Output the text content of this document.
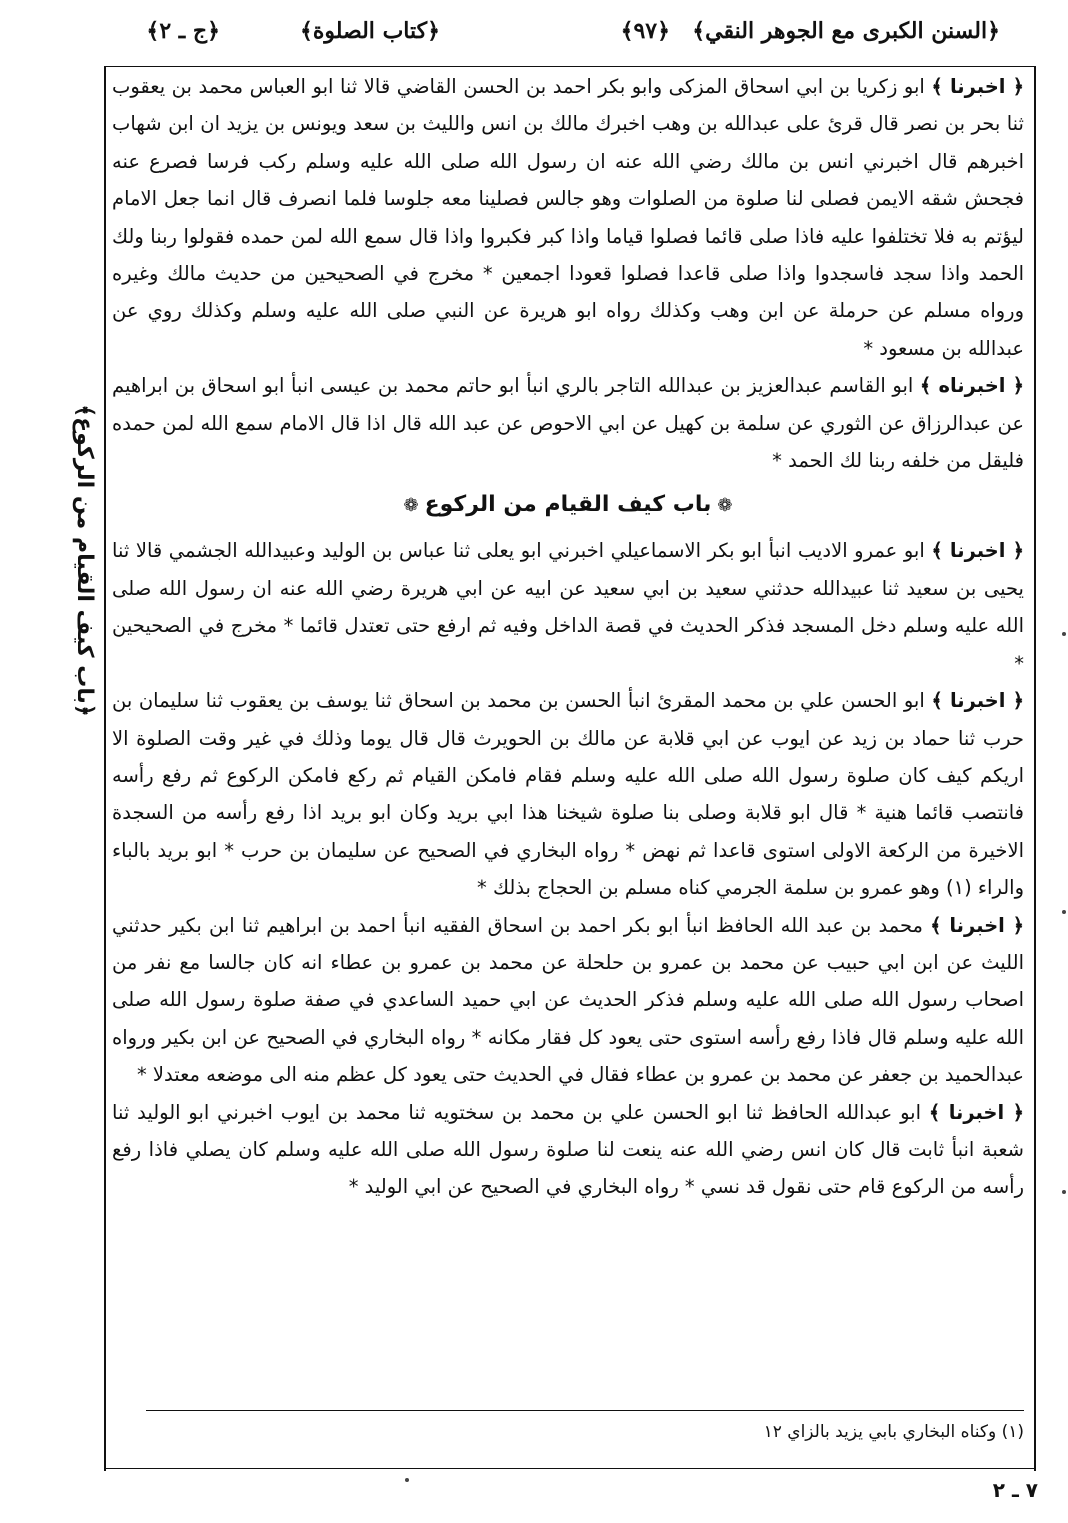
﴿السنن الكبرى مع الجوهر النقي﴾
﴿٩٧﴾
﴿كتاب الصلوة﴾
﴿ج ـ ٢﴾
﴿باب كيف القيام من الركوع﴾

﴿ اخبرنا ﴾ ابو زكريا بن ابي اسحاق المزكى وابو بكر احمد بن الحسن القاضي قالا ثنا ابو العباس محمد بن يعقوب ثنا بحر بن نصر قال قرئ على عبدالله بن وهب اخبرك مالك بن انس والليث بن سعد ويونس بن يزيد ان ابن شهاب اخبرهم قال اخبرني انس بن مالك رضي الله عنه ان رسول الله صلى الله عليه وسلم ركب فرسا فصرع عنه فجحش شقه الايمن فصلى لنا صلوة من الصلوات وهو جالس فصلينا معه جلوسا فلما انصرف قال انما جعل الامام ليؤتم به فلا تختلفوا عليه فاذا صلى قائما فصلوا قياما واذا كبر فكبروا واذا قال سمع الله لمن حمده فقولوا ربنا ولك الحمد واذا سجد فاسجدوا واذا صلى قاعدا فصلوا قعودا اجمعين * مخرج في الصحيحين من حديث مالك وغيره ورواه مسلم عن حرملة عن ابن وهب وكذلك رواه ابو هريرة عن النبي صلى الله عليه وسلم وكذلك روي عن عبدالله بن مسعود *

﴿ اخبرناه ﴾ ابو القاسم عبدالعزيز بن عبدالله التاجر بالري انبأ ابو حاتم محمد بن عيسى انبأ ابو اسحاق بن ابراهيم عن عبدالرزاق عن الثوري عن سلمة بن كهيل عن ابي الاحوص عن عبد الله قال اذا قال الامام سمع الله لمن حمده فليقل من خلفه ربنا لك الحمد *

❁باب كيف القيام من الركوع❁

﴿ اخبرنا ﴾ ابو عمرو الاديب انبأ ابو بكر الاسماعيلي اخبرني ابو يعلى ثنا عباس بن الوليد وعبيدالله الجشمي قالا ثنا يحيى بن سعيد ثنا عبيدالله حدثني سعيد بن ابي سعيد عن ابيه عن ابي هريرة رضي الله عنه ان رسول الله صلى الله عليه وسلم دخل المسجد فذكر الحديث في قصة الداخل وفيه ثم ارفع حتى تعتدل قائما * مخرج في الصحيحين *

﴿ اخبرنا ﴾ ابو الحسن علي بن محمد المقرئ انبأ الحسن بن محمد بن اسحاق ثنا يوسف بن يعقوب ثنا سليمان بن حرب ثنا حماد بن زيد عن ايوب عن ابي قلابة عن مالك بن الحويرث قال قال يوما وذلك في غير وقت الصلوة الا اريكم كيف كان صلوة رسول الله صلى الله عليه وسلم فقام فامكن القيام ثم ركع فامكن الركوع ثم رفع رأسه فانتصب قائما هنية * قال ابو قلابة وصلى بنا صلوة شيخنا هذا ابي بريد وكان ابو بريد اذا رفع رأسه من السجدة الاخيرة من الركعة الاولى استوى قاعدا ثم نهض * رواه البخاري في الصحيح عن سليمان بن حرب * ابو بريد بالباء والراء (١) وهو عمرو بن سلمة الجرمي كناه مسلم بن الحجاج بذلك *

﴿ اخبرنا ﴾ محمد بن عبد الله الحافظ انبأ ابو بكر احمد بن اسحاق الفقيه انبأ احمد بن ابراهيم ثنا ابن بكير حدثني الليث عن ابن ابي حبيب عن محمد بن عمرو بن حلحلة عن محمد بن عمرو بن عطاء انه كان جالسا مع نفر من اصحاب رسول الله صلى الله عليه وسلم فذكر الحديث عن ابي حميد الساعدي في صفة صلوة رسول الله صلى الله عليه وسلم قال فاذا رفع رأسه استوى حتى يعود كل فقار مكانه * رواه البخاري في الصحيح عن ابن بكير ورواه عبدالحميد بن جعفر عن محمد بن عمرو بن عطاء فقال في الحديث حتى يعود كل عظم منه الى موضعه معتدلا *

﴿ اخبرنا ﴾ ابو عبدالله الحافظ ثنا ابو الحسن علي بن محمد بن سختويه ثنا محمد بن ايوب اخبرني ابو الوليد ثنا شعبة انبأ ثابت قال كان انس رضي الله عنه ينعت لنا صلوة رسول الله صلى الله عليه وسلم كان يصلي فاذا رفع رأسه من الركوع قام حتى نقول قد نسي * رواه البخاري في الصحيح عن ابي الوليد *

(١) وكناه البخاري بابي يزيد بالزاي ١٢
٧ ـ ٢
